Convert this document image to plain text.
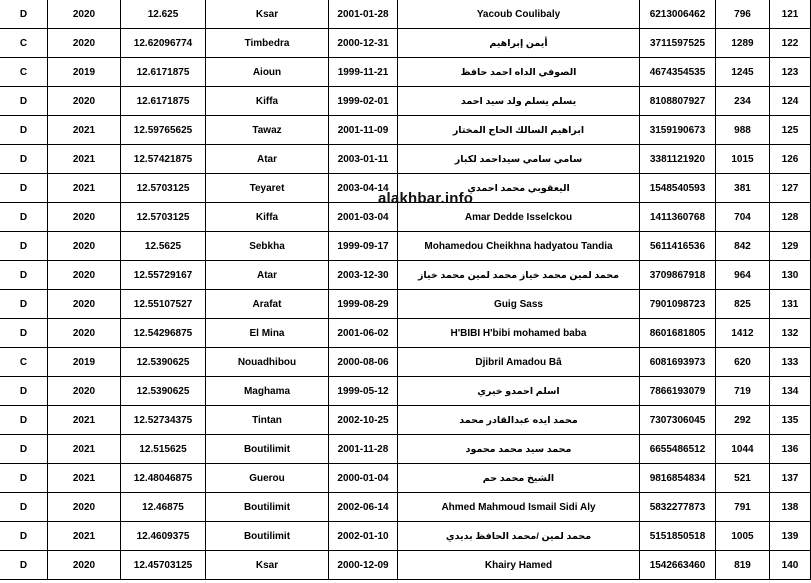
D	2020	12.625	Ksar	2001-01-28	Yacoub Coulibaly	6213006462	796	121
C	2020	12.62096774	Timbedra	2000-12-31	أيمن إبراهيم	3711597525	1289	122
C	2019	12.6171875	Aioun	1999-11-21	الصوفي الداه احمد حافظ	4674354535	1245	123
D	2020	12.6171875	Kiffa	1999-02-01	يسلم يسلم ولد سيد احمد	8108807927	234	124
D	2021	12.59765625	Tawaz	2001-11-09	ابراهيم السالك الحاج المختار	3159190673	988	125
D	2021	12.57421875	Atar	2003-01-11	سامي سامي سيداحمد لكبار	3381121920	1015	126
D	2021	12.5703125	Teyaret	2003-04-14	اليعقوبي محمد احمدي	1548540593	381	127
D	2020	12.5703125	Kiffa	2001-03-04	Amar Dedde Isselckou	1411360768	704	128
D	2020	12.5625	Sebkha	1999-09-17	Mohamedou Cheikhna hadyatou Tandia	5611416536	842	129
D	2020	12.55729167	Atar	2003-12-30	محمد لمين محمد خياز محمد لمين محمد خياز	3709867918	964	130
D	2020	12.55107527	Arafat	1999-08-29	Guig Sass	7901098723	825	131
D	2020	12.54296875	El Mina	2001-06-02	H'BIBI H'bibi mohamed baba	8601681805	1412	132
C	2019	12.5390625	Nouadhibou	2000-08-06	Djibril Amadou Bâ	6081693973	620	133
D	2020	12.5390625	Maghama	1999-05-12	اسلم احمدو خيري	7866193079	719	134
D	2021	12.52734375	Tintan	2002-10-25	محمد ايده عبدالقادر محمد	7307306045	292	135
D	2021	12.515625	Boutilimit	2001-11-28	محمد سيد محمد محمود	6655486512	1044	136
D	2021	12.48046875	Guerou	2000-01-04	الشيخ محمد حم	9816854834	521	137
D	2020	12.46875	Boutilimit	2002-06-14	Ahmed Mahmoud Ismail Sidi Aly	5832277873	791	138
D	2021	12.4609375	Boutilimit	2002-01-10	محمد لمين /محمد الحافظ بديدي	5151850518	1005	139
D	2020	12.45703125	Ksar	2000-12-09	Khairy Hamed	1542663460	819	140
alakhbar.info
